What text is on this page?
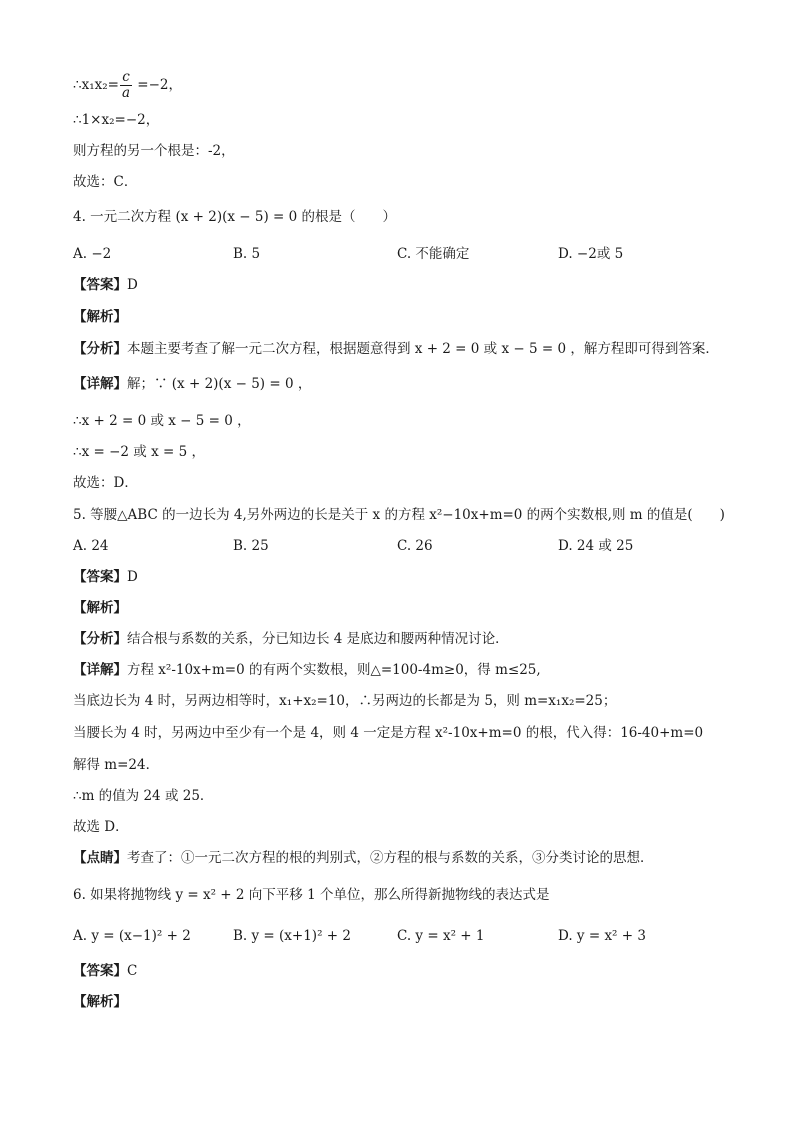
∴x₁x₂= $\frac{c}{a} =-2$，
∴1×x₂=−2，
则方程的另一个根是：-2，
故选：C．
4. 一元二次方程 (x + 2)(x − 5) = 0 的根是（　　）
A. −2	B. 5	C. 不能确定	D. −2或 5
【答案】D
【解析】
【分析】本题主要考查了解一元二次方程，根据题意得到 x + 2 = 0 或 x − 5 = 0 ，解方程即可得到答案．
【详解】解；∵ (x + 2)(x − 5) = 0 ，
∴x + 2 = 0 或 x − 5 = 0 ，
∴x = −2 或 x = 5 ，
故选：D．
5. 等腰△ABC 的一边长为 4,另外两边的长是关于 x 的方程 x²−10x+m=0 的两个实数根,则 m 的值是(　　)
A. 24	B. 25	C. 26	D. 24 或 25
【答案】D
【解析】
【分析】结合根与系数的关系，分已知边长 4 是底边和腰两种情况讨论．
【详解】方程 x²-10x+m=0 的有两个实数根，则△=100-4m≥0，得 m≤25,
当底边长为 4 时，另两边相等时，x₁+x₂=10，∴另两边的长都是为 5，则 m=x₁x₂=25；
当腰长为 4 时，另两边中至少有一个是 4，则 4 一定是方程 x²-10x+m=0 的根，代入得：16-40+m=0
解得 m=24．
∴m 的值为 24 或 25．
故选 D．
【点睛】考查了：①一元二次方程的根的判别式，②方程的根与系数的关系，③分类讨论的思想．
6. 如果将抛物线 y = x² + 2 向下平移 1 个单位，那么所得新抛物线的表达式是
A. y = (x−1)² + 2	B. y = (x+1)² + 2	C. y = x² + 1	D. y = x² + 3
【答案】C
【解析】
